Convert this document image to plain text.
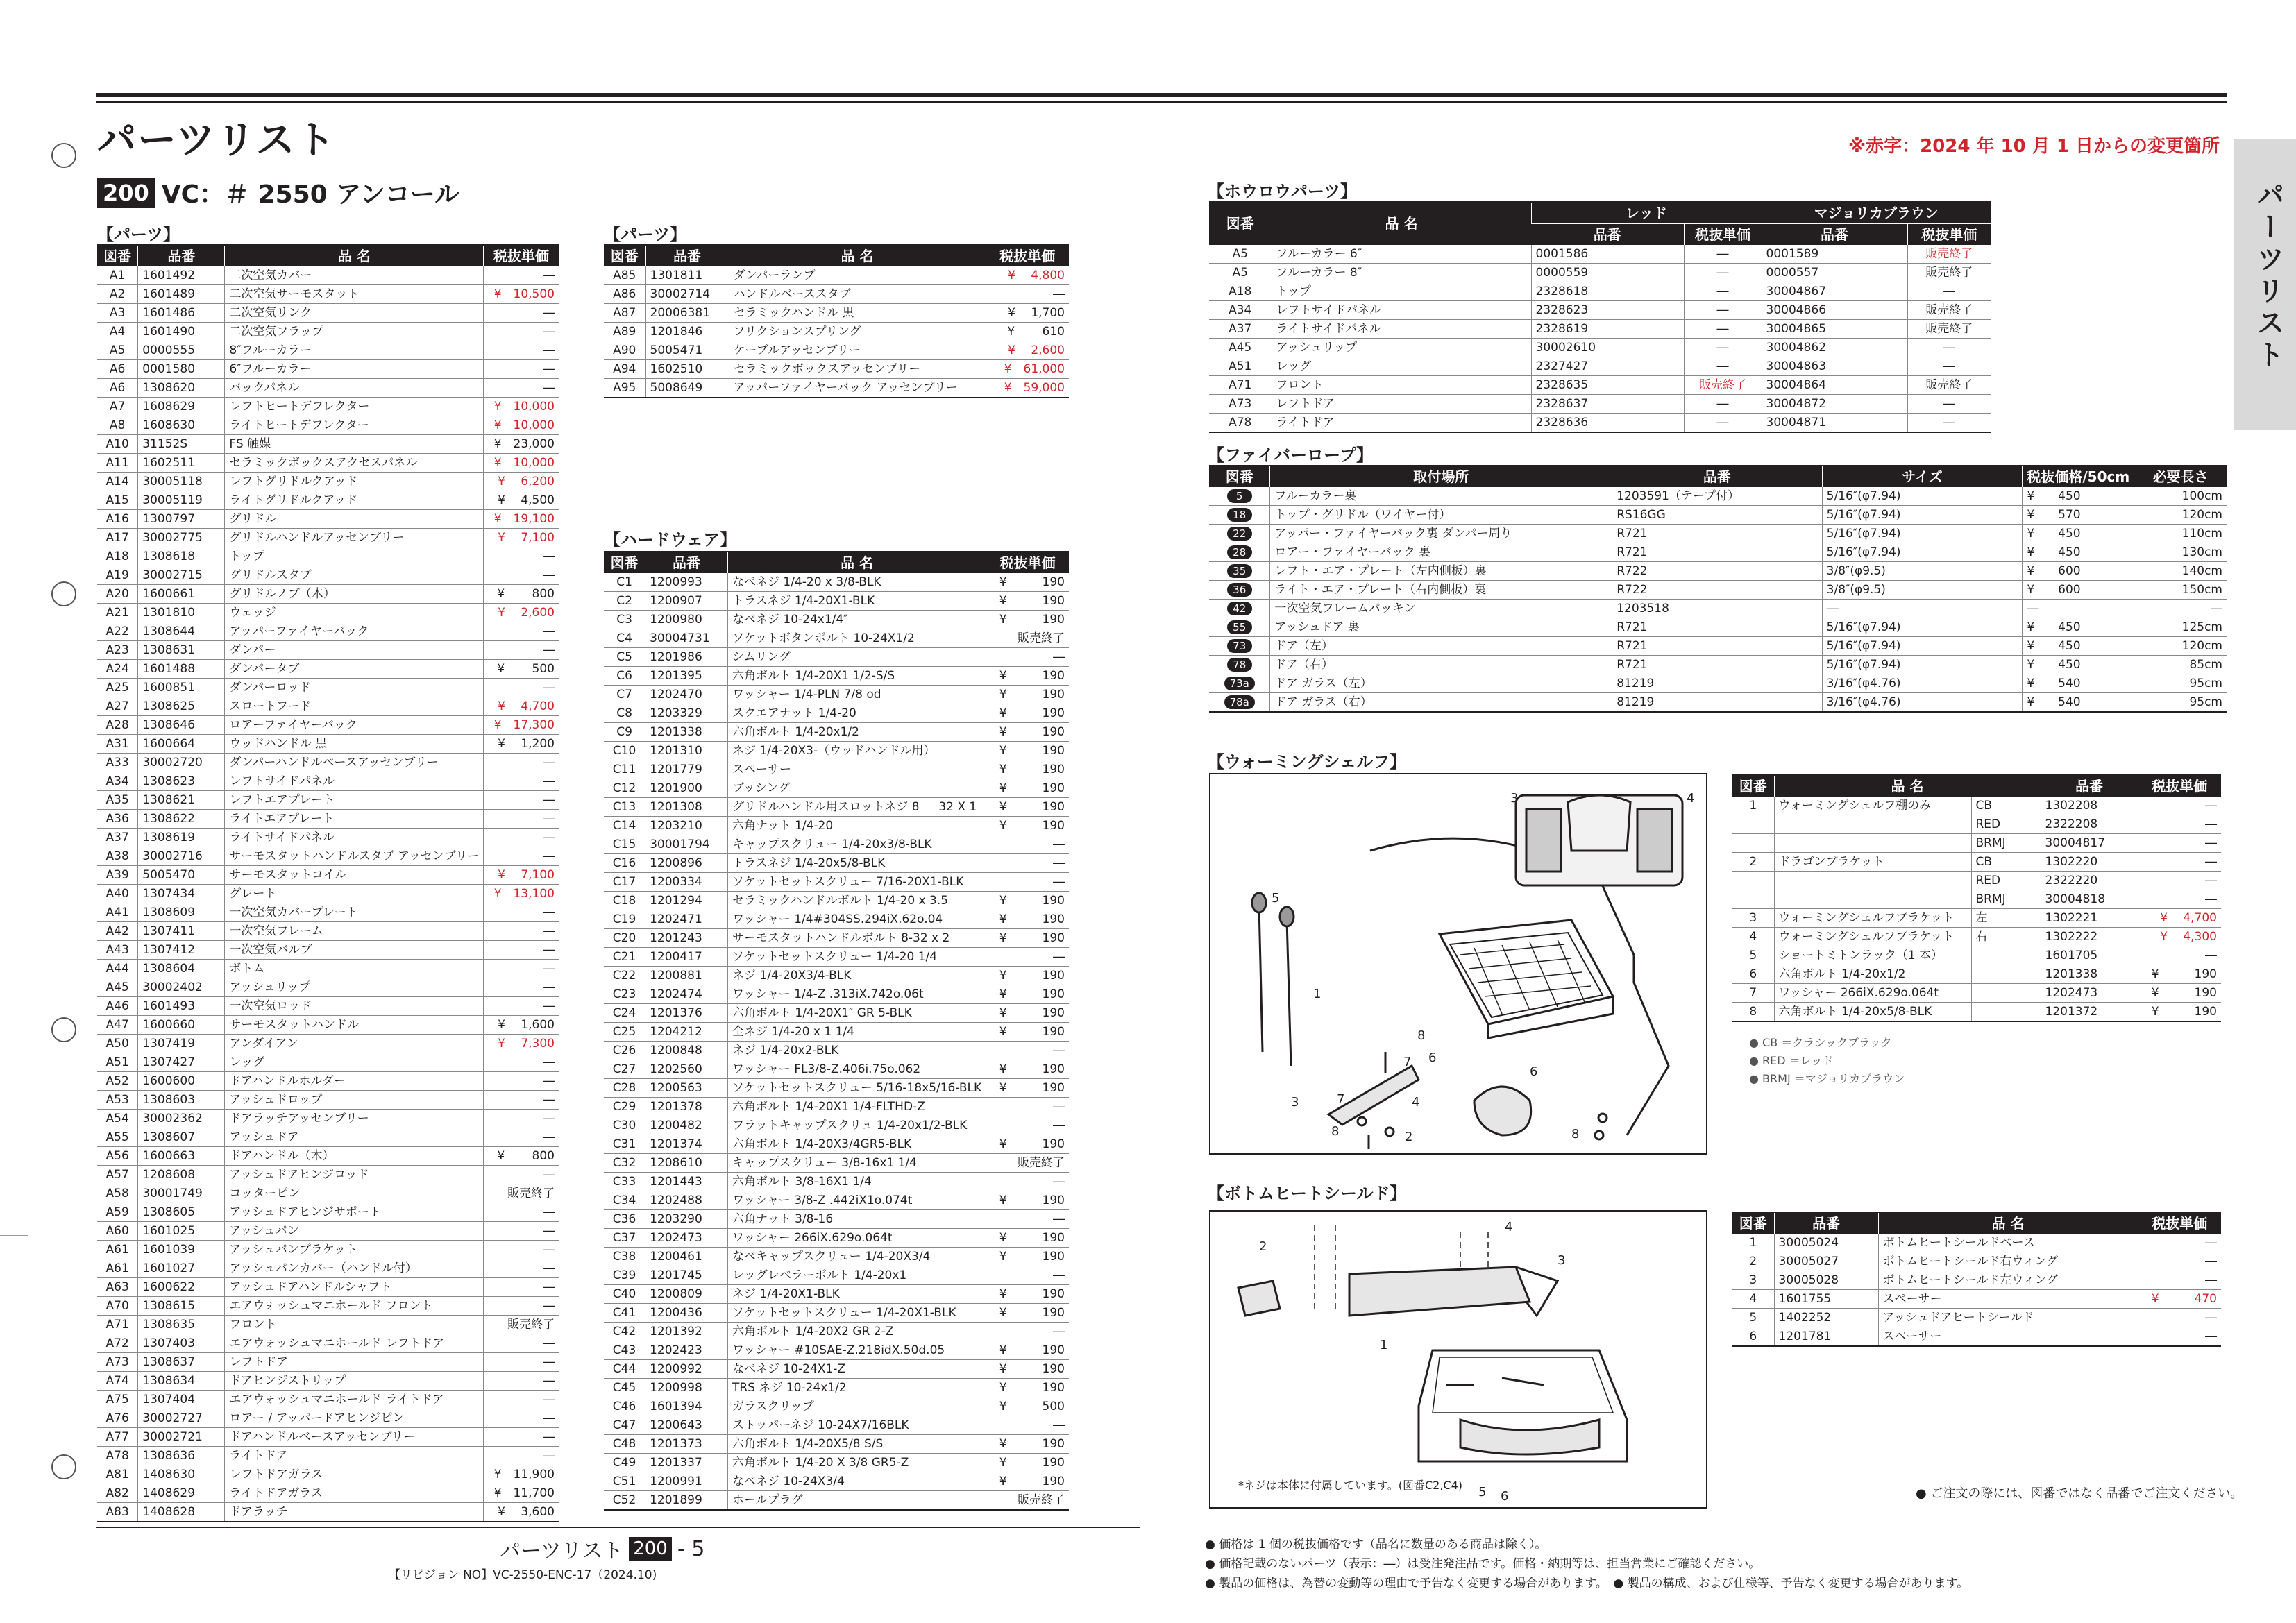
パーツリスト	※赤字：2024 年 10 月 1 日からの変更箇所
200 VC：＃ 2550 アンコール	パーツリスト
【パーツ】
図番	品番	品 名	税抜単価
A1	1601492	二次空気カバー	―
A2	1601489	二次空気サーモスタット	¥　10,500
A3	1601486	二次空気リンク	―
A4	1601490	二次空気フラップ	―
A5	0000555	8″フルーカラー	―
A6	0001580	6″フルーカラー	―
A6	1308620	バックパネル	―
A7	1608629	レフトヒートデフレクター	¥　10,000
A8	1608630	ライトヒートデフレクター	¥　10,000
A10	31152S	FS 触媒	¥　23,000
A11	1602511	セラミックボックスアクセスパネル	¥　10,000
A14	30005118	レフトグリドルクアッド	¥　 6,200
A15	30005119	ライトグリドルクアッド	¥　 4,500
A16	1300797	グリドル	¥　19,100
A17	30002775	グリドルハンドルアッセンブリー	¥　 7,100
A18	1308618	トップ	―
A19	30002715	グリドルスタブ	―
A20	1600661	グリドルノブ（木）	¥　　 800
A21	1301810	ウェッジ	¥　 2,600
A22	1308644	アッパーファイヤーバック	―
A23	1308631	ダンパー	―
A24	1601488	ダンパータブ	¥　　 500
A25	1600851	ダンパーロッド	―
A27	1308625	スロートフード	¥　 4,700
A28	1308646	ロアーファイヤーバック	¥　17,300
A31	1600664	ウッドハンドル 黒	¥　 1,200
A33	30002720	ダンパーハンドルベースアッセンブリー	―
A34	1308623	レフトサイドパネル	―
A35	1308621	レフトエアプレート	―
A36	1308622	ライトエアプレート	―
A37	1308619	ライトサイドパネル	―
A38	30002716	サーモスタットハンドルスタブ アッセンブリー	―
A39	5005470	サーモスタットコイル	¥　 7,100
A40	1307434	グレート	¥　13,100
A41	1308609	一次空気カバープレート	―
A42	1307411	一次空気フレーム	―
A43	1307412	一次空気バルブ	―
A44	1308604	ボトム	―
A45	30002402	アッシュリップ	―
A46	1601493	一次空気ロッド	―
A47	1600660	サーモスタットハンドル	¥　 1,600
A50	1307419	アンダイアン	¥　 7,300
A51	1307427	レッグ	―
A52	1600600	ドアハンドルホルダー	―
A53	1308603	アッシュドロップ	―
A54	30002362	ドアラッチアッセンブリー	―
A55	1308607	アッシュドア	―
A56	1600663	ドアハンドル（木）	¥　　 800
A57	1208608	アッシュドアヒンジロッド	―
A58	30001749	コッターピン	販売終了
A59	1308605	アッシュドアヒンジサポート	―
A60	1601025	アッシュパン	―
A61	1601039	アッシュパンブラケット	―
A61	1601027	アッシュパンカバー（ハンドル付）	―
A63	1600622	アッシュドアハンドルシャフト	―
A70	1308615	エアウォッシュマニホールド フロント	―
A71	1308635	フロント	販売終了
A72	1307403	エアウォッシュマニホールド レフトドア	―
A73	1308637	レフトドア	―
A74	1308634	ドアヒンジストリップ	―
A75	1307404	エアウォッシュマニホールド ライトドア	―
A76	30002727	ロアー / アッパードアヒンジピン	―
A77	30002721	ドアハンドルベースアッセンブリー	―
A78	1308636	ライトドア	―
A81	1408630	レフトドアガラス	¥　11,900
A82	1408629	ライトドアガラス	¥　11,700
A83	1408628	ドアラッチ	¥　 3,600
【パーツ】
図番	品番	品 名	税抜単価
A85	1301811	ダンパーランプ	¥　 4,800
A86	30002714	ハンドルベーススタブ	―
A87	20006381	セラミックハンドル 黒	¥　 1,700
A89	1201846	フリクションスプリング	¥　　 610
A90	5005471	ケーブルアッセンブリー	¥　 2,600
A94	1602510	セラミックボックスアッセンブリー	¥　61,000
A95	5008649	アッパーファイヤーバック アッセンブリー	¥　59,000
【ハードウェア】
図番	品番	品 名	税抜単価
C1	1200993	なべネジ 1/4-20 x 3/8-BLK	¥　　　190
C2	1200907	トラスネジ 1/4-20X1-BLK	¥　　　190
C3	1200980	なべネジ 10-24x1/4″	¥　　　190
C4	30004731	ソケットボタンボルト 10-24X1/2	販売終了
C5	1201986	シムリング	―
C6	1201395	六角ボルト 1/4-20X1 1/2-S/S	¥　　　190
C7	1202470	ワッシャー 1/4-PLN 7/8 od	¥　　　190
C8	1203329	スクエアナット 1/4-20	¥　　　190
C9	1201338	六角ボルト 1/4-20x1/2	¥　　　190
C10	1201310	ネジ 1/4-20X3-（ウッドハンドル用）	¥　　　190
C11	1201779	スペーサー	¥　　　190
C12	1201900	ブッシング	¥　　　190
C13	1201308	グリドルハンドル用スロットネジ 8 － 32 X 1	¥　　　190
C14	1203210	六角ナット 1/4-20	¥　　　190
C15	30001794	キャップスクリュー 1/4-20x3/8-BLK	―
C16	1200896	トラスネジ 1/4-20x5/8-BLK	―
C17	1200334	ソケットセットスクリュー 7/16-20X1-BLK	―
C18	1201294	セラミックハンドルボルト 1/4-20 x 3.5	¥　　　190
C19	1202471	ワッシャー 1/4#304SS.294iX.62o.04	¥　　　190
C20	1201243	サーモスタットハンドルボルト 8-32 x 2	¥　　　190
C21	1200417	ソケットセットスクリュー 1/4-20 1/4	―
C22	1200881	ネジ 1/4-20X3/4-BLK	¥　　　190
C23	1202474	ワッシャー 1/4-Z .313iX.742o.06t	¥　　　190
C24	1201376	六角ボルト 1/4-20X1″ GR 5-BLK	¥　　　190
C25	1204212	全ネジ 1/4-20 x 1 1/4	¥　　　190
C26	1200848	ネジ 1/4-20x2-BLK	―
C27	1202560	ワッシャー FL3/8-Z.406i.75o.062	¥　　　190
C28	1200563	ソケットセットスクリュー 5/16-18x5/16-BLK	¥　　　190
C29	1201378	六角ボルト 1/4-20X1 1/4-FLTHD-Z	―
C30	1200482	フラットキャップスクリュ 1/4-20x1/2-BLK	―
C31	1201374	六角ボルト 1/4-20X3/4GR5-BLK	¥　　　190
C32	1208610	キャップスクリュー 3/8-16x1 1/4	販売終了
C33	1201443	六角ボルト 3/8-16X1 1/4	―
C34	1202488	ワッシャー 3/8-Z .442iX1o.074t	¥　　　190
C36	1203290	六角ナット 3/8-16	―
C37	1202473	ワッシャー 266iX.629o.064t	¥　　　190
C38	1200461	なべキャップスクリュー 1/4-20X3/4	¥　　　190
C39	1201745	レッグレベラーボルト 1/4-20x1	―
C40	1200809	ネジ 1/4-20X1-BLK	¥　　　190
C41	1200436	ソケットセットスクリュー 1/4-20X1-BLK	¥　　　190
C42	1201392	六角ボルト 1/4-20X2 GR 2-Z	―
C43	1202423	ワッシャー #10SAE-Z.218idX.50d.05	¥　　　190
C44	1200992	なべネジ 10-24X1-Z	¥　　　190
C45	1200998	TRS ネジ 10-24x1/2	¥　　　190
C46	1601394	ガラスクリップ	¥　　　500
C47	1200643	ストッパーネジ 10-24X7/16BLK	―
C48	1201373	六角ボルト 1/4-20X5/8 S/S	¥　　　190
C49	1201337	六角ボルト 1/4-20 X 3/8 GR5-Z	¥　　　190
C51	1200991	なべネジ 10-24X3/4	¥　　　190
C52	1201899	ホールプラグ	販売終了
【ホウロウパーツ】
図番	品 名	レッド		マジョリカブラウン	
		品番	税抜単価	品番	税抜単価
A5	フルーカラー 6″	0001586	―	0001589	販売終了
A5	フルーカラー 8″	0000559	―	0000557	販売終了
A18	トップ	2328618	―	30004867	―
A34	レフトサイドパネル	2328623	―	30004866	販売終了
A37	ライトサイドパネル	2328619	―	30004865	販売終了
A45	アッシュリップ	30002610	―	30004862	―
A51	レッグ	2327427	―	30004863	―
A71	フロント	2328635	販売終了	30004864	販売終了
A73	レフトドア	2328637	―	30004872	―
A78	ライトドア	2328636	―	30004871	―
【ファイバーロープ】
図番	取付場所	品番	サイズ	税抜価格/50cm	必要長さ
5	フルーカラー裏	1203591（テープ付）	5/16″(φ7.94)	¥　　450	100cm
18	トップ・グリドル（ワイヤー付）	RS16GG	5/16″(φ7.94)	¥　　570	120cm
22	アッパー・ファイヤーバック裏 ダンパー周り	R721	5/16″(φ7.94)	¥　　450	110cm
28	ロアー・ファイヤーバック 裏	R721	5/16″(φ7.94)	¥　　450	130cm
35	レフト・エア・プレート（左内側板）裏	R722	3/8″(φ9.5)	¥　　600	140cm
36	ライト・エア・プレート（右内側板）裏	R722	3/8″(φ9.5)	¥　　600	150cm
42	一次空気フレームパッキン	1203518	―	―	―
55	アッシュドア 裏	R721	5/16″(φ7.94)	¥　　450	125cm
73	ドア（左）	R721	5/16″(φ7.94)	¥　　450	120cm
78	ドア（右）	R721	5/16″(φ7.94)	¥　　450	85cm
73a	ドア ガラス（左）	81219	3/16″(φ4.76)	¥　　540	95cm
78a	ドア ガラス（右）	81219	3/16″(φ4.76)	¥　　540	95cm
【ウォーミングシェルフ】
5
1
8
6
7
3	7
8
4
2
6
8
3	4
図番	品 名		品番	税抜単価
1	ウォーミングシェルフ棚のみ	CB	1302208	―
		RED	2322208	―
		BRMJ	30004817	―
2	ドラゴンブラケット	CB	1302220	―
		RED	2322220	―
		BRMJ	30004818	―
3	ウォーミングシェルフブラケット	左	1302221	¥　 4,700
4	ウォーミングシェルフブラケット	右	1302222	¥　 4,300
5	ショートミトンラック（1 本）		1601705	―
6	六角ボルト 1/4-20x1/2		1201338	¥　　　190
7	ワッシャー 266iX.629o.064t		1202473	¥　　　190
8	六角ボルト 1/4-20x5/8-BLK		1201372	¥　　　190
● CB ＝クラシックブラック
● RED ＝レッド
● BRMJ ＝マジョリカブラウン
【ボトムヒートシールド】
2
4
3
1
5 6
*ネジは本体に付属しています。(図番C2,C4)
図番	品番	品 名	税抜単価
1	30005024	ボトムヒートシールドベース	―
2	30005027	ボトムヒートシールド右ウィング	―
3	30005028	ボトムヒートシールド左ウィング	―
4	1601755	スペーサー	¥　　　470
5	1402252	アッシュドアヒートシールド	―
6	1201781	スペーサー	―
● ご注文の際には、図番ではなく品番でご注文ください。
パーツリスト 200 - 5
【リビジョン NO】VC-2550-ENC-17（2024.10)
● 価格は 1 個の税抜価格です（品名に数量のある商品は除く）。
● 価格記載のないパーツ（表示：―）は受注発注品です。価格・納期等は、担当営業にご確認ください。
● 製品の価格は、為替の変動等の理由で予告なく変更する場合があります。　● 製品の構成、および仕様等、予告なく変更する場合があります。
